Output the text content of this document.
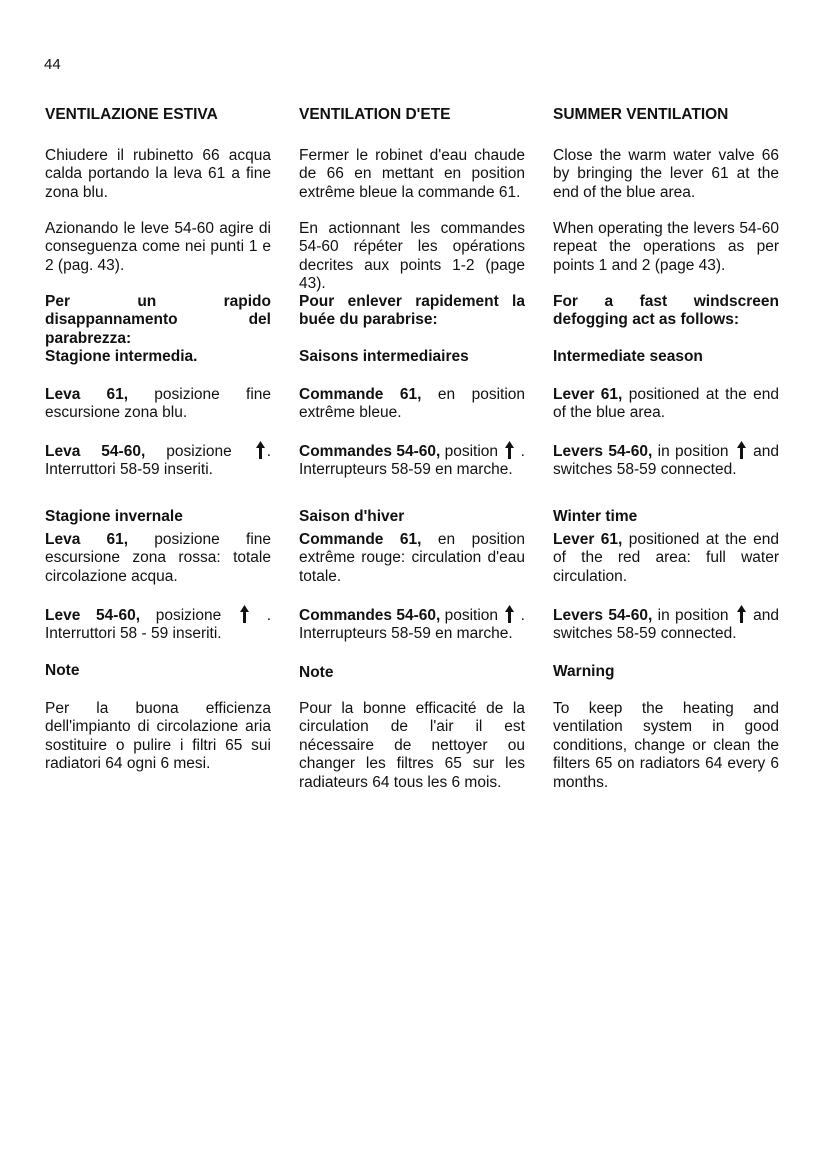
44

VENTILAZIONE ESTIVA

Chiudere il rubinetto 66 acqua calda portando la leva 61 a fine zona blu.

Azionando le leve 54-60 agire di conseguenza come nei punti 1 e 2 (pag. 43).

Per un rapido disappannamento del parabrezza:

Stagione intermedia.

Leva 61, posizione fine escursione zona blu.

Leva 54-60, posizione
. Interruttori 58-59 inseriti.

Stagione invernale

Leva 61, posizione fine escursione zona rossa: totale circolazione acqua.

Leve 54-60, posizione
. Interruttori 58 - 59 inseriti.

Note

Per la buona efficienza dell'impianto di circolazione aria sostituire o pulire i filtri 65 sui radiatori 64 ogni 6 mesi.

VENTILATION D'ETE

Fermer le robinet d'eau chaude de 66 en mettant en position extrême bleue la commande 61.

En actionnant les commandes 54-60 répéter les opérations decrites aux points 1-2 (page 43).

Pour enlever rapidement la buée du parabrise:

Saisons intermediaires

Commande 61, en position extrême bleue.

Commandes 54-60, position
. Interrupteurs 58-59 en marche.

Saison d'hiver

Commande 61, en position extrême rouge: circulation d'eau totale.

Commandes 54-60, position
. Interrupteurs 58-59 en marche.

Note

Pour la bonne efficacité de la circulation de l'air il est nécessaire de nettoyer ou changer les filtres 65 sur les radiateurs 64 tous les 6 mois.

SUMMER VENTILATION

Close the warm water valve 66 by bringing the lever 61 at the end of the blue area.

When operating the levers 54-60 repeat the operations as per points 1 and 2 (page 43).

For a fast windscreen defogging act as follows:

Intermediate season

Lever 61, positioned at the end of the blue area.

Levers 54-60, in position
and switches 58-59 connected.

Winter time

Lever 61, positioned at the end of the red area: full water circulation.

Levers 54-60, in position
and switches 58-59 connected.

Warning

To keep the heating and ventilation system in good conditions, change or clean the filters 65 on radiators 64 every 6 months.
